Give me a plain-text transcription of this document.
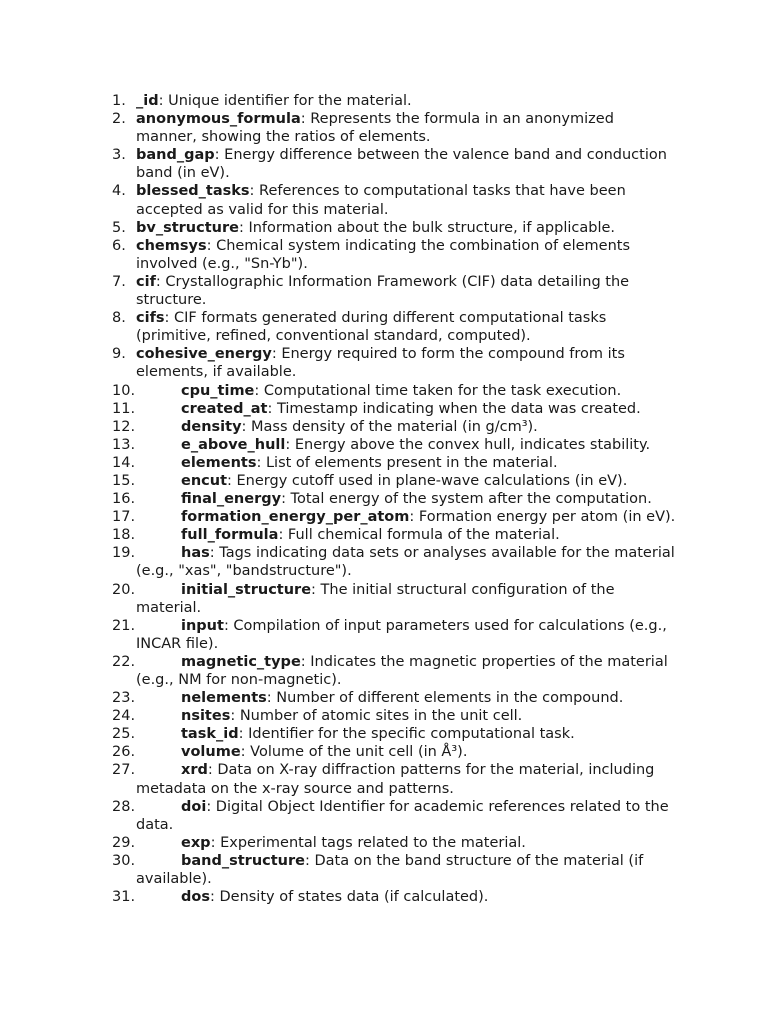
1. _id: Unique identifier for the material.
2. anonymous_formula: Represents the formula in an anonymized manner, showing the ratios of elements.
3. band_gap: Energy difference between the valence band and conduction band (in eV).
4. blessed_tasks: References to computational tasks that have been accepted as valid for this material.
5. bv_structure: Information about the bulk structure, if applicable.
6. chemsys: Chemical system indicating the combination of elements involved (e.g., "Sn-Yb").
7. cif: Crystallographic Information Framework (CIF) data detailing the structure.
8. cifs: CIF formats generated during different computational tasks (primitive, refined, conventional standard, computed).
9. cohesive_energy: Energy required to form the compound from its elements, if available.
10.	cpu_time: Computational time taken for the task execution.
11.	created_at: Timestamp indicating when the data was created.
12.	density: Mass density of the material (in g/cm³).
13.	e_above_hull: Energy above the convex hull, indicates stability.
14.	elements: List of elements present in the material.
15.	encut: Energy cutoff used in plane-wave calculations (in eV).
16.	final_energy: Total energy of the system after the computation.
17.	formation_energy_per_atom: Formation energy per atom (in eV).
18.	full_formula: Full chemical formula of the material.
19.	has: Tags indicating data sets or analyses available for the material (e.g., "xas", "bandstructure").
20.	initial_structure: The initial structural configuration of the material.
21.	input: Compilation of input parameters used for calculations (e.g., INCAR file).
22.	magnetic_type: Indicates the magnetic properties of the material (e.g., NM for non-magnetic).
23.	nelements: Number of different elements in the compound.
24.	nsites: Number of atomic sites in the unit cell.
25.	task_id: Identifier for the specific computational task.
26.	volume: Volume of the unit cell (in Å³).
27.	xrd: Data on X-ray diffraction patterns for the material, including metadata on the x-ray source and patterns.
28.	doi: Digital Object Identifier for academic references related to the data.
29.	exp: Experimental tags related to the material.
30.	band_structure: Data on the band structure of the material (if available).
31.	dos: Density of states data (if calculated).
